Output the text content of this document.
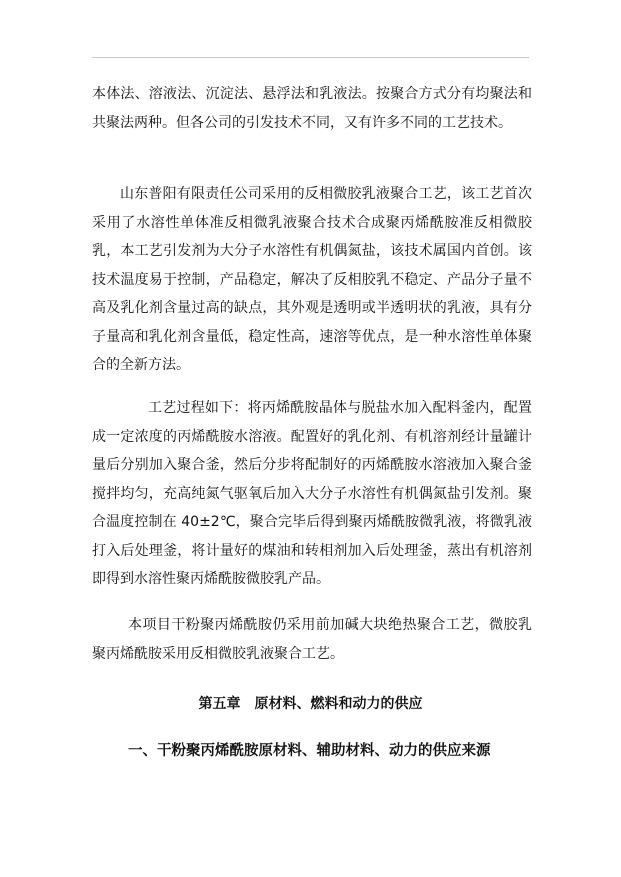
本体法、溶液法、沉淀法、悬浮法和乳液法。按聚合方式分有均聚法和共聚法两种。但各公司的引发技术不同，又有许多不同的工艺技术。

山东普阳有限责任公司采用的反相微胶乳液聚合工艺，该工艺首次采用了水溶性单体准反相微乳液聚合技术合成聚丙烯酰胺准反相微胶乳，本工艺引发剂为大分子水溶性有机偶氮盐，该技术属国内首创。该技术温度易于控制，产品稳定，解决了反相胶乳不稳定、产品分子量不高及乳化剂含量过高的缺点，其外观是透明或半透明状的乳液，具有分子量高和乳化剂含量低，稳定性高，速溶等优点，是一种水溶性单体聚合的全新方法。

工艺过程如下：将丙烯酰胺晶体与脱盐水加入配料釜内，配置成一定浓度的丙烯酰胺水溶液。配置好的乳化剂、有机溶剂经计量罐计量后分别加入聚合釜，然后分步将配制好的丙烯酰胺水溶液加入聚合釜搅拌均匀，充高纯氮气驱氧后加入大分子水溶性有机偶氮盐引发剂。聚合温度控制在 40±2℃，聚合完毕后得到聚丙烯酰胺微乳液，将微乳液打入后处理釜，将计量好的煤油和转相剂加入后处理釜，蒸出有机溶剂即得到水溶性聚丙烯酰胺微胶乳产品。

本项目干粉聚丙烯酰胺仍采用前加碱大块绝热聚合工艺，微胶乳聚丙烯酰胺采用反相微胶乳液聚合工艺。

第五章　原材料、燃料和动力的供应
一、干粉聚丙烯酰胺原材料、辅助材料、动力的供应来源
